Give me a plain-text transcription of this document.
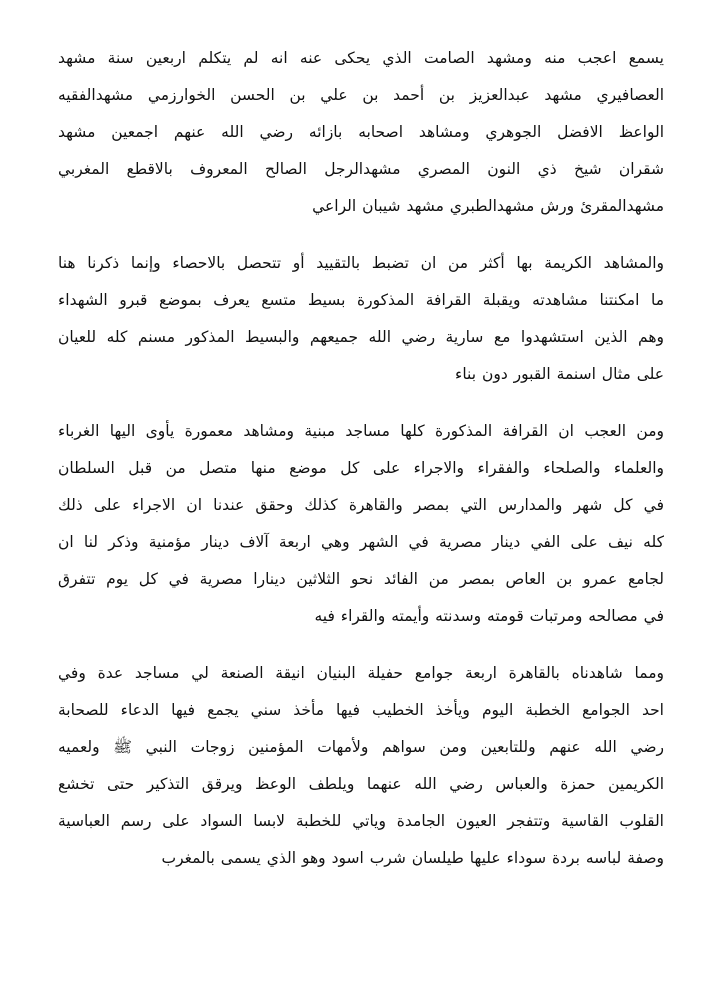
يسمع اعجب منه ومشهد الصامت الذي يحكى عنه انه لم يتكلم اربعين سنة مشهد
العصافيري مشهد عبدالعزيز بن أحمد بن علي بن الحسن الخوارزمي مشهدالفقيه
الواعظ الافضل الجوهري ومشاهد اصحابه بازائه رضي الله عنهم اجمعين مشهد
شقران شيخ ذي النون المصري مشهدالرجل الصالح المعروف بالاقطع المغربي
مشهدالمقرئ ورش مشهدالطبري مشهد شيبان الراعي
والمشاهد الكريمة بها أكثر من ان تضبط بالتقييد أو تتحصل بالاحصاء وإنما ذكرنا هنا
ما امكنتنا مشاهدته ويقبلة القرافة المذكورة بسيط متسع يعرف بموضع قبرو الشهداء
وهم الذين استشهدوا مع سارية رضي الله جميعهم والبسيط المذكور مسنم كله للعيان
على مثال اسنمة القبور دون بناء
ومن العجب ان القرافة المذكورة كلها مساجد مبنية ومشاهد معمورة يأوى اليها الغرباء
والعلماء والصلحاء والفقراء والاجراء على كل موضع منها متصل من قبل السلطان
في كل شهر والمدارس التي بمصر والقاهرة كذلك وحقق عندنا ان الاجراء على ذلك
كله نيف على الفي دينار مصرية في الشهر وهي اربعة آلاف دينار مؤمنية وذكر لنا ان
لجامع عمرو بن العاص بمصر من الفائد نحو الثلاثين دينارا مصرية في كل يوم تتفرق
في مصالحه ومرتبات قومته وسدنته وأيمته والقراء فيه
ومما شاهدناه بالقاهرة اربعة جوامع حفيلة البنيان انيقة الصنعة لي مساجد عدة وفي
احد الجوامع الخطبة اليوم ويأخذ الخطيب فيها مأخذ سني يجمع فيها الدعاء للصحابة
رضي الله عنهم وللتابعين ومن سواهم ولأمهات المؤمنين زوجات النبي ﷺ ولعميه
الكريمين حمزة والعباس رضي الله عنهما ويلطف الوعظ ويرقق التذكير حتى تخشع
القلوب القاسية وتتفجر العيون الجامدة وياتي للخطبة لابسا السواد على رسم العباسية
وصفة لباسه بردة سوداء عليها طيلسان شرب اسود وهو الذي يسمى بالمغرب
